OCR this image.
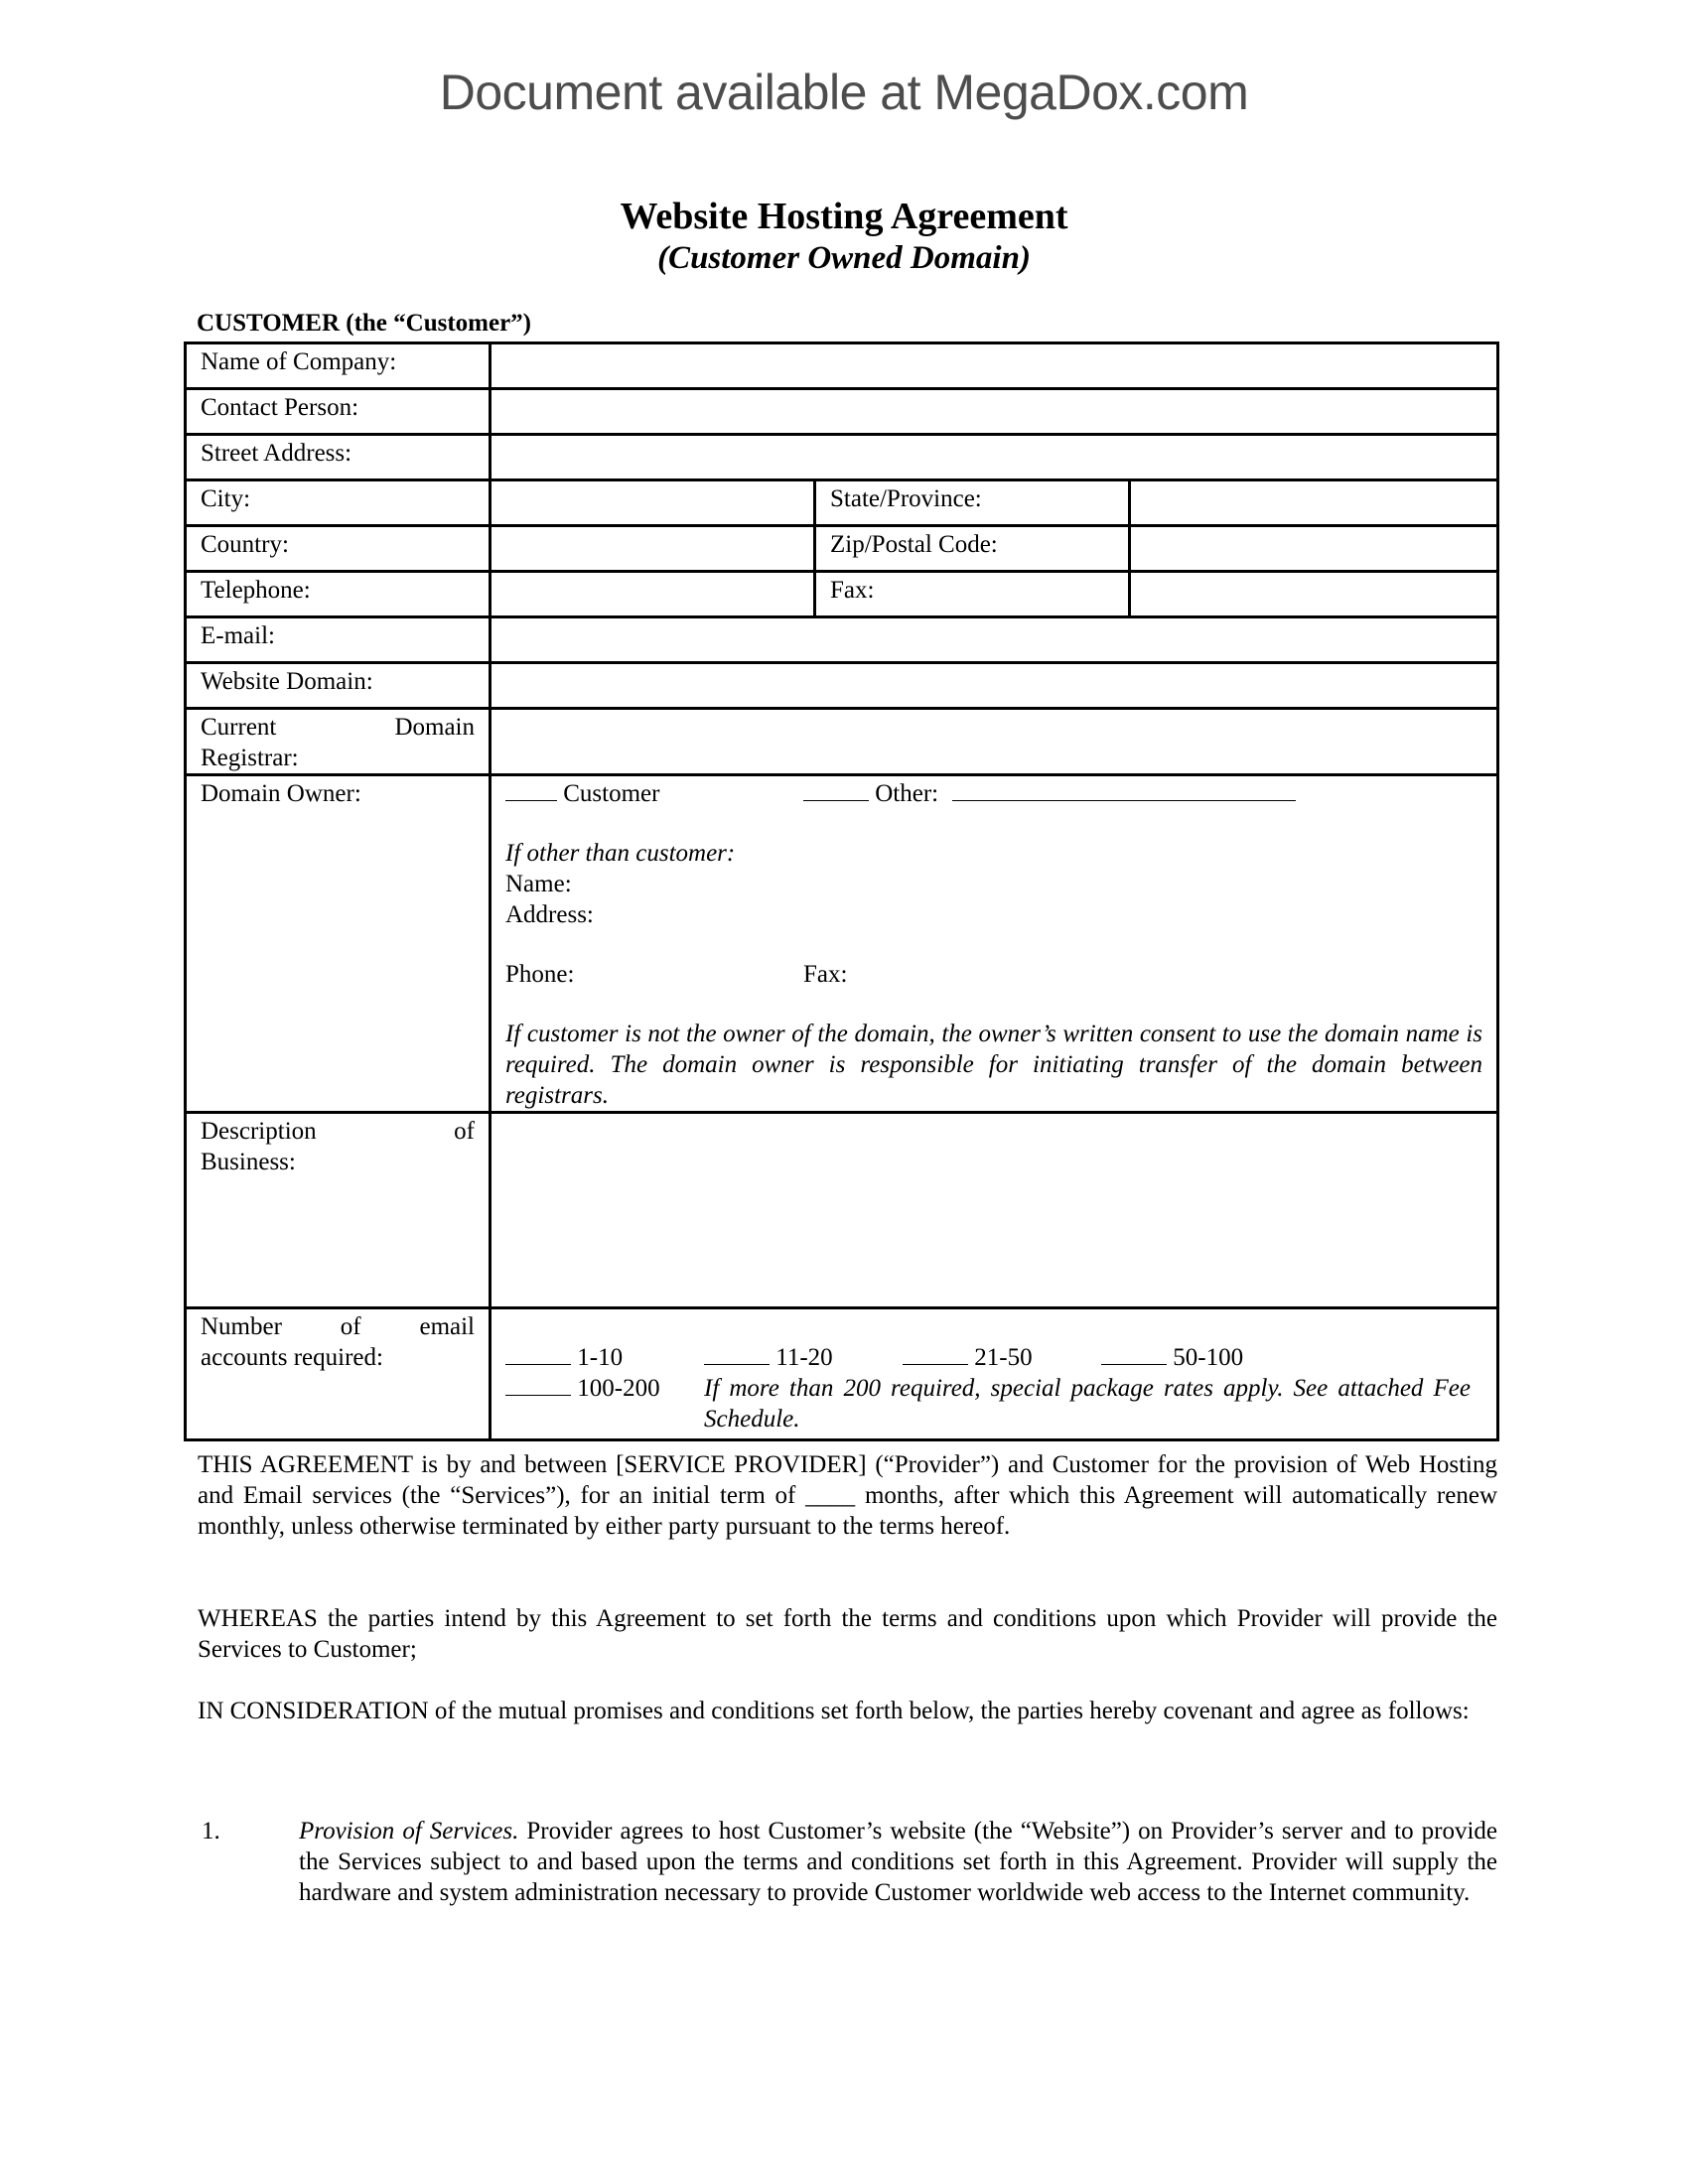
Document available at MegaDox.com
Website Hosting Agreement
(Customer Owned Domain)
CUSTOMER (the “Customer”)
Name of Company:			
Contact Person:			
Street Address:			
City:		State/Province:	
Country:		Zip/Postal Code:	
Telephone:		Fax:	
E-mail:			
Website Domain:			

Current Domain
Registrar:			

Domain Owner:	Customer	Other:
If other than customer:
Name:
Address:
Phone:	Fax:
If customer is not the owner of the domain, the owner’s written consent to use the domain name is required. The domain owner is responsible for initiating transfer of the domain between registrars.

Description of
Business:			

Number of email
accounts required:	1-10	11-20	21-50	50-100
100-200	If more than 200 required, special package rates apply. See attached Fee Schedule.
THIS AGREEMENT is by and between [SERVICE PROVIDER] (“Provider”) and Customer for the provision of Web Hosting and Email services (the “Services”), for an initial term of ____ months, after which this Agreement will automatically renew monthly, unless otherwise terminated by either party pursuant to the terms hereof.
WHEREAS the parties intend by this Agreement to set forth the terms and conditions upon which Provider will provide the Services to Customer;
IN CONSIDERATION of the mutual promises and conditions set forth below, the parties hereby covenant and agree as follows:
1.	Provision of Services. Provider agrees to host Customer’s website (the “Website”) on Provider’s server and to provide the Services subject to and based upon the terms and conditions set forth in this Agreement. Provider will supply the hardware and system administration necessary to provide Customer worldwide web access to the Internet community.
